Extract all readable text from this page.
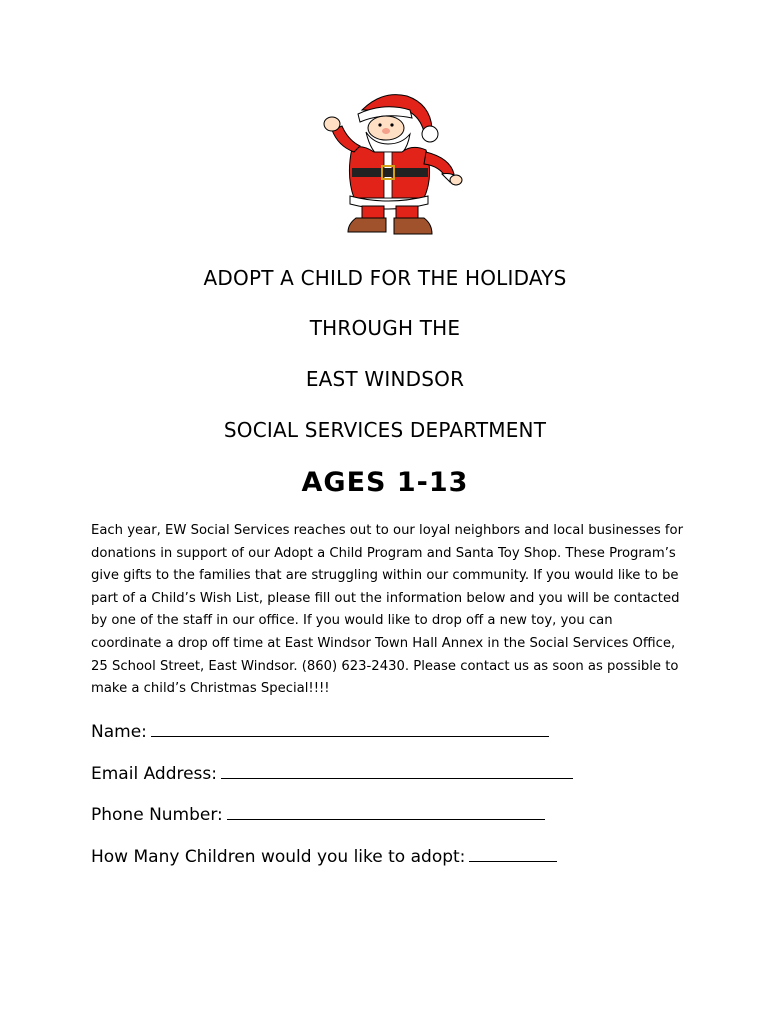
ADOPT A CHILD FOR THE HOLIDAYS
THROUGH THE
EAST WINDSOR
SOCIAL SERVICES DEPARTMENT
AGES 1-13
Each year, EW Social Services reaches out to our loyal neighbors and local businesses for
donations in support of our Adopt a Child Program and Santa Toy Shop. These Program’s
give gifts to the families that are struggling within our community. If you would like to be
part of a Child’s Wish List, please fill out the information below and you will be contacted
by one of the staff in our office. If you would like to drop off a new toy, you can
coordinate a drop off time at East Windsor Town Hall Annex in the Social Services Office,
25 School Street, East Windsor. (860) 623-2430. Please contact us as soon as possible to
make a child’s Christmas Special!!!!
Name:
Email Address:
Phone Number:
How Many Children would you like to adopt:
